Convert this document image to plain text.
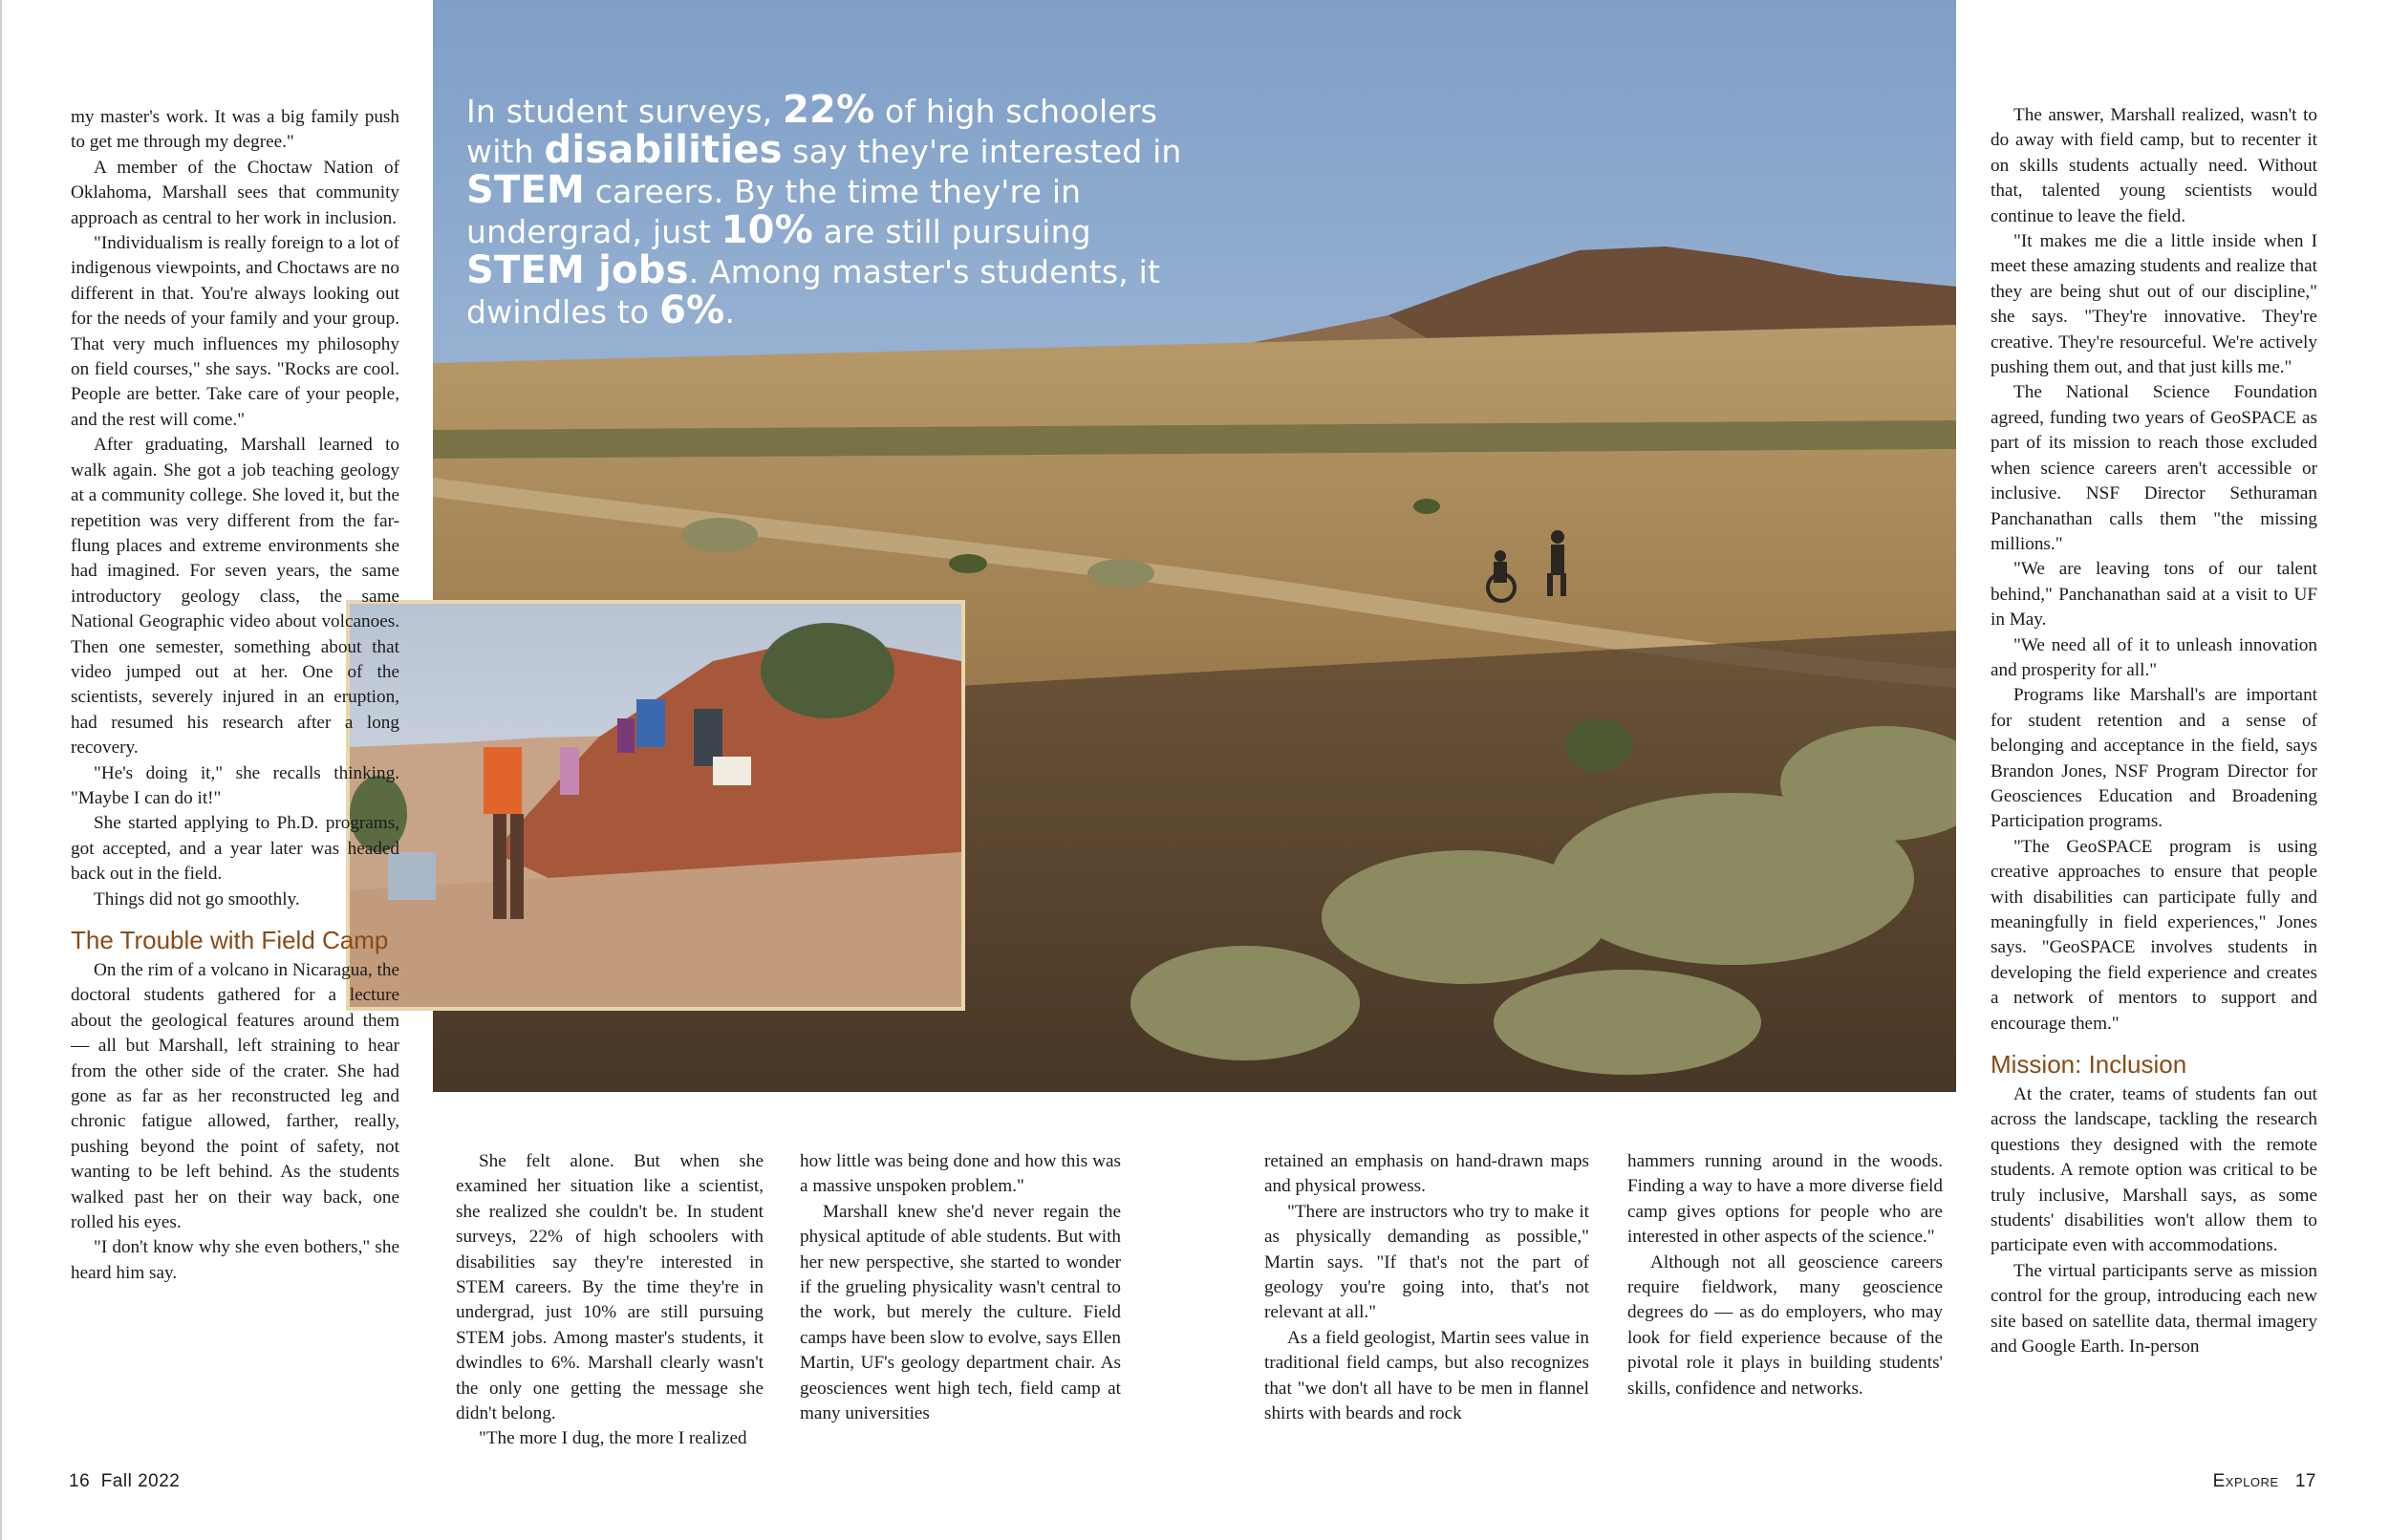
In student surveys, 22% of high schoolers with disabilities say they're interested in STEM careers. By the time they're in undergrad, just 10% are still pursuing STEM jobs. Among master's students, it dwindles to 6%.

my master's work. It was a big family push to get me through my degree."

A member of the Choctaw Nation of Oklahoma, Marshall sees that community approach as central to her work in inclusion.

"Individualism is really foreign to a lot of indigenous viewpoints, and Choctaws are no different in that. You're always looking out for the needs of your family and your group. That very much influences my philosophy on field courses," she says. "Rocks are cool. People are better. Take care of your people, and the rest will come."

After graduating, Marshall learned to walk again. She got a job teaching geology at a community college. She loved it, but the repetition was very different from the far-flung places and extreme environments she had imagined. For seven years, the same introductory geology class, the same National Geographic video about volcanoes. Then one semester, something about that video jumped out at her. One of the scientists, severely injured in an eruption, had resumed his research after a long recovery.

"He's doing it," she recalls thinking. "Maybe I can do it!"

She started applying to Ph.D. programs, got accepted, and a year later was headed back out in the field.

Things did not go smoothly.

The Trouble with Field Camp

On the rim of a volcano in Nicaragua, the doctoral students gathered for a lecture about the geological features around them — all but Marshall, left straining to hear from the other side of the crater. She had gone as far as her reconstructed leg and chronic fatigue allowed, farther, really, pushing beyond the point of safety, not wanting to be left behind. As the students walked past her on their way back, one rolled his eyes.

"I don't know why she even bothers," she heard him say.

She felt alone. But when she examined her situation like a scientist, she realized she couldn't be. In student surveys, 22% of high schoolers with disabilities say they're interested in STEM careers. By the time they're in undergrad, just 10% are still pursuing STEM jobs. Among master's students, it dwindles to 6%. Marshall clearly wasn't the only one getting the message she didn't belong.

"The more I dug, the more I realized

how little was being done and how this was a massive unspoken problem."

Marshall knew she'd never regain the physical aptitude of able students. But with her new perspective, she started to wonder if the grueling physicality wasn't central to the work, but merely the culture. Field camps have been slow to evolve, says Ellen Martin, UF's geology department chair. As geosciences went high tech, field camp at many universities

retained an emphasis on hand-drawn maps and physical prowess.

"There are instructors who try to make it as physically demanding as possible," Martin says. "If that's not the part of geology you're going into, that's not relevant at all."

As a field geologist, Martin sees value in traditional field camps, but also recognizes that "we don't all have to be men in flannel shirts with beards and rock

hammers running around in the woods. Finding a way to have a more diverse field camp gives options for people who are interested in other aspects of the science."

Although not all geoscience careers require fieldwork, many geoscience degrees do — as do employers, who may look for field experience because of the pivotal role it plays in building students' skills, confidence and networks.

The answer, Marshall realized, wasn't to do away with field camp, but to recenter it on skills students actually need. Without that, talented young scientists would continue to leave the field.

"It makes me die a little inside when I meet these amazing students and realize that they are being shut out of our discipline," she says. "They're innovative. They're creative. They're resourceful. We're actively pushing them out, and that just kills me."

The National Science Foundation agreed, funding two years of GeoSPACE as part of its mission to reach those excluded when science careers aren't accessible or inclusive. NSF Director Sethuraman Panchanathan calls them "the missing millions."

"We are leaving tons of our talent behind," Panchanathan said at a visit to UF in May.

"We need all of it to unleash innovation and prosperity for all."

Programs like Marshall's are important for student retention and a sense of belonging and acceptance in the field, says Brandon Jones, NSF Program Director for Geosciences Education and Broadening Participation programs.

"The GeoSPACE program is using creative approaches to ensure that people with disabilities can participate fully and meaningfully in field experiences," Jones says. "GeoSPACE involves students in developing the field experience and creates a network of mentors to support and encourage them."

Mission: Inclusion

At the crater, teams of students fan out across the landscape, tackling the research questions they designed with the remote students. A remote option was critical to be truly inclusive, Marshall says, as some students' disabilities won't allow them to participate even with accommodations.

The virtual participants serve as mission control for the group, introducing each new site based on satellite data, thermal imagery and Google Earth. In-person

16 Fall 2022	Explore 17
